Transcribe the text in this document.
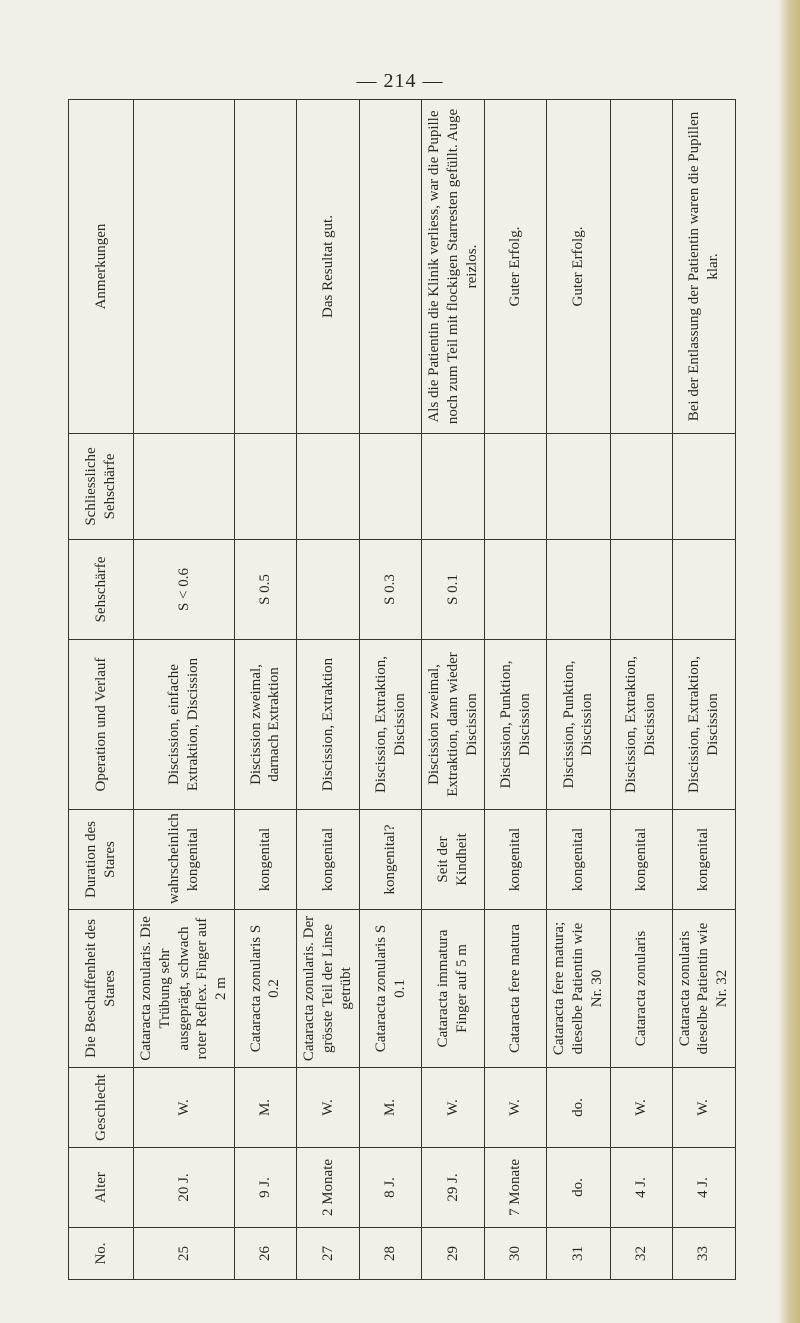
— 214 —
No.	Alter	Geschlecht	Die Beschaffenheit des Stares	Duration des Stares	Operation und Verlauf	Sehschärfe	Schliessliche Sehschärfe	Anmerkungen
25	20 J.	W.	Cataracta zonularis. Die Trübung sehr ausgeprägt, schwach roter Reflex. Finger auf 2 m	wahrscheinlich kongenital	Discission, einfache Extraktion, Discission	S < 0.6		
26	9 J.	M.	Cataracta zonularis S 0.2	kongenital	Discission zweimal, darnach Extraktion	S 0.5		
27	2 Monate	W.	Cataracta zonularis. Der grösste Teil der Linse getrübt	kongenital	Discission, Extraktion			Das Resultat gut.
28	8 J.	M.	Cataracta zonularis S 0.1	kongenital?	Discission, Extraktion, Discission	S 0.3		
29	29 J.	W.	Cataracta immatura Finger auf 5 m	Seit der Kindheit	Discission zweimal, Extraktion, dann wieder Discission	S 0.1		Als die Patientin die Klinik verliess, war die Pupille noch zum Teil mit flockigen Starresten gefüllt. Auge reizlos.
30	7 Monate	W.	Cataracta fere matura	kongenital	Discission, Punktion, Discission			Guter Erfolg.
31	do.	do.	Cataracta fere matura; dieselbe Patientin wie Nr. 30	kongenital	Discission, Punktion, Discission			Guter Erfolg.
32	4 J.	W.	Cataracta zonularis	kongenital	Discission, Extraktion, Discission			
33	4 J.	W.	Cataracta zonularis dieselbe Patientin wie Nr. 32	kongenital	Discission, Extraktion, Discission			Bei der Entlassung der Patientin waren die Pupillen klar.
